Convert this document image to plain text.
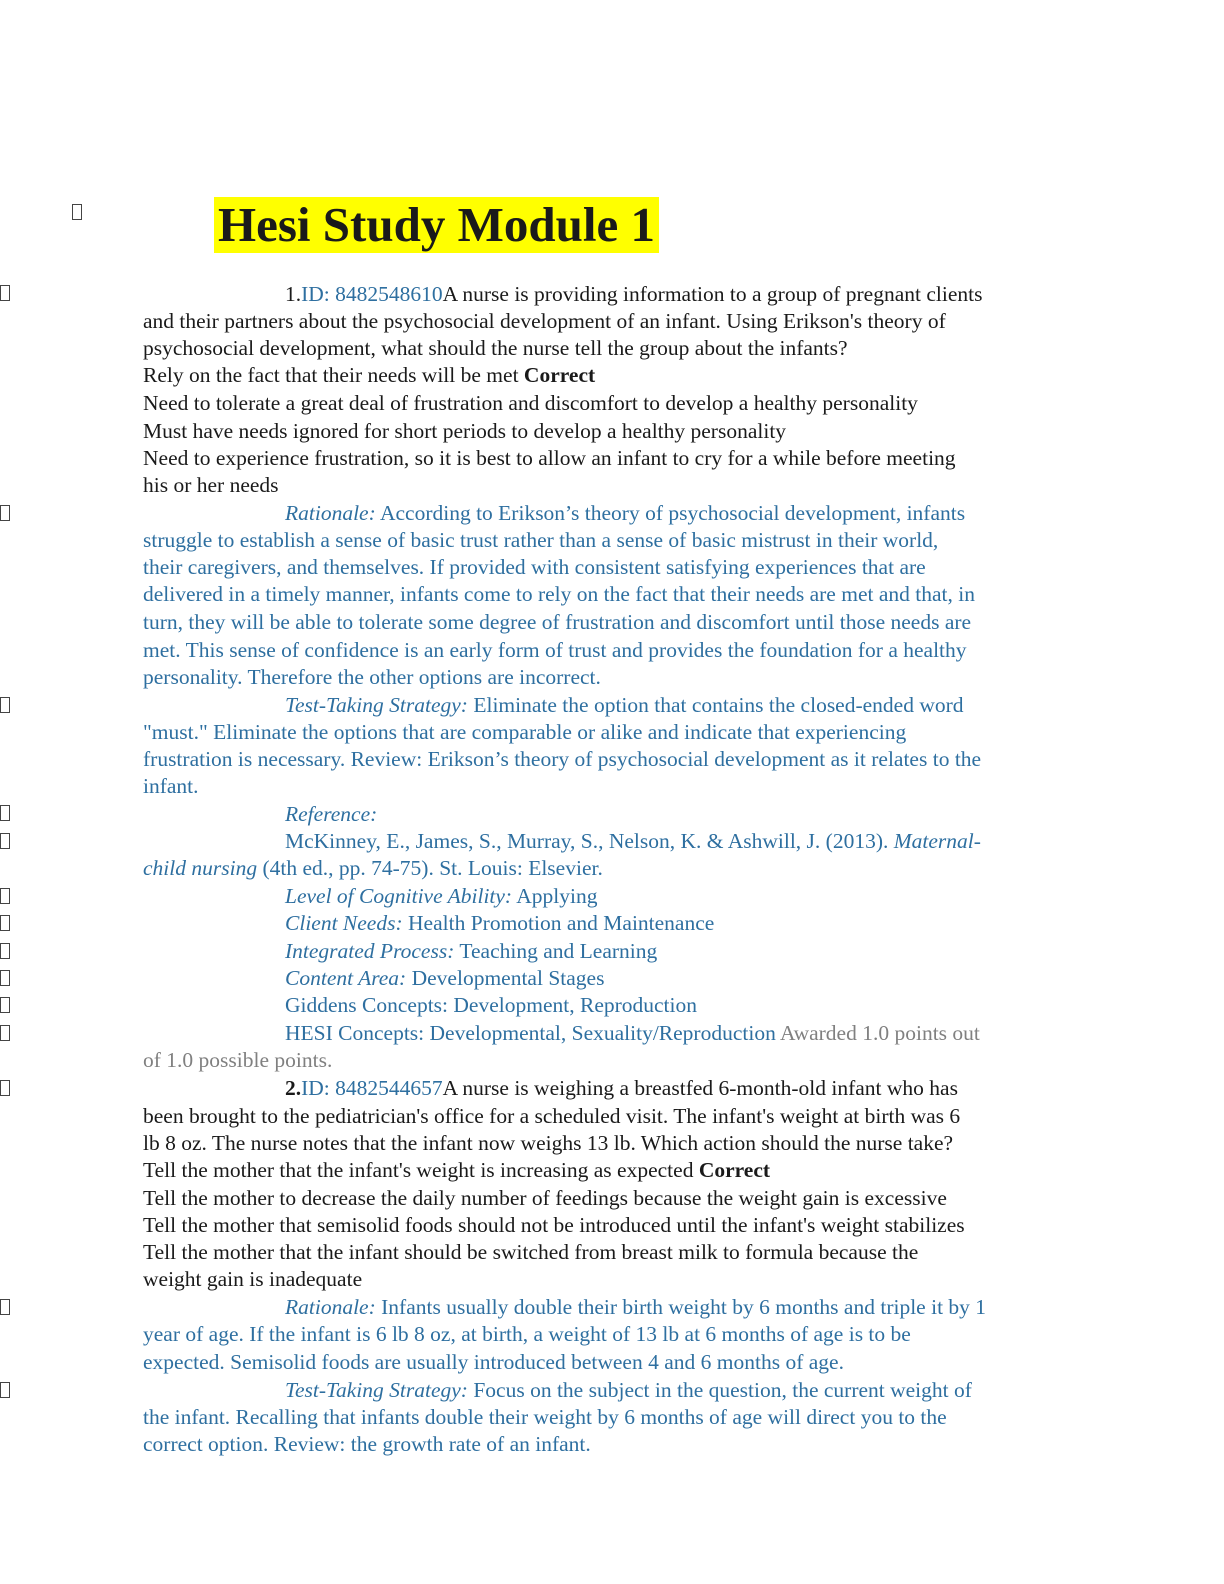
Hesi Study Module 1
1.ID: 8482548610A nurse is providing information to a group of pregnant clients
and their partners about the psychosocial development of an infant. Using Erikson's theory of
psychosocial development, what should the nurse tell the group about the infants?
Rely on the fact that their needs will be met Correct
Need to tolerate a great deal of frustration and discomfort to develop a healthy personality
Must have needs ignored for short periods to develop a healthy personality
Need to experience frustration, so it is best to allow an infant to cry for a while before meeting
his or her needs
Rationale: According to Erikson’s theory of psychosocial development, infants
struggle to establish a sense of basic trust rather than a sense of basic mistrust in their world,
their caregivers, and themselves. If provided with consistent satisfying experiences that are
delivered in a timely manner, infants come to rely on the fact that their needs are met and that, in
turn, they will be able to tolerate some degree of frustration and discomfort until those needs are
met. This sense of confidence is an early form of trust and provides the foundation for a healthy
personality. Therefore the other options are incorrect.
Test-Taking Strategy: Eliminate the option that contains the closed-ended word
"must." Eliminate the options that are comparable or alike and indicate that experiencing
frustration is necessary. Review: Erikson’s theory of psychosocial development as it relates to the
infant.
Reference:
McKinney, E., James, S., Murray, S., Nelson, K. & Ashwill, J. (2013). Maternal-
child nursing (4th ed., pp. 74-75). St. Louis: Elsevier.
Level of Cognitive Ability: Applying
Client Needs: Health Promotion and Maintenance
Integrated Process: Teaching and Learning
Content Area: Developmental Stages
Giddens Concepts: Development, Reproduction
HESI Concepts: Developmental, Sexuality/Reproduction Awarded 1.0 points out
of 1.0 possible points.
2.ID: 8482544657A nurse is weighing a breastfed 6-month-old infant who has
been brought to the pediatrician's office for a scheduled visit. The infant's weight at birth was 6
lb 8 oz. The nurse notes that the infant now weighs 13 lb. Which action should the nurse take?
Tell the mother that the infant's weight is increasing as expected Correct
Tell the mother to decrease the daily number of feedings because the weight gain is excessive
Tell the mother that semisolid foods should not be introduced until the infant's weight stabilizes
Tell the mother that the infant should be switched from breast milk to formula because the
weight gain is inadequate
Rationale: Infants usually double their birth weight by 6 months and triple it by 1
year of age. If the infant is 6 lb 8 oz, at birth, a weight of 13 lb at 6 months of age is to be
expected. Semisolid foods are usually introduced between 4 and 6 months of age.
Test-Taking Strategy: Focus on the subject in the question, the current weight of
the infant. Recalling that infants double their weight by 6 months of age will direct you to the
correct option. Review: the growth rate of an infant.
